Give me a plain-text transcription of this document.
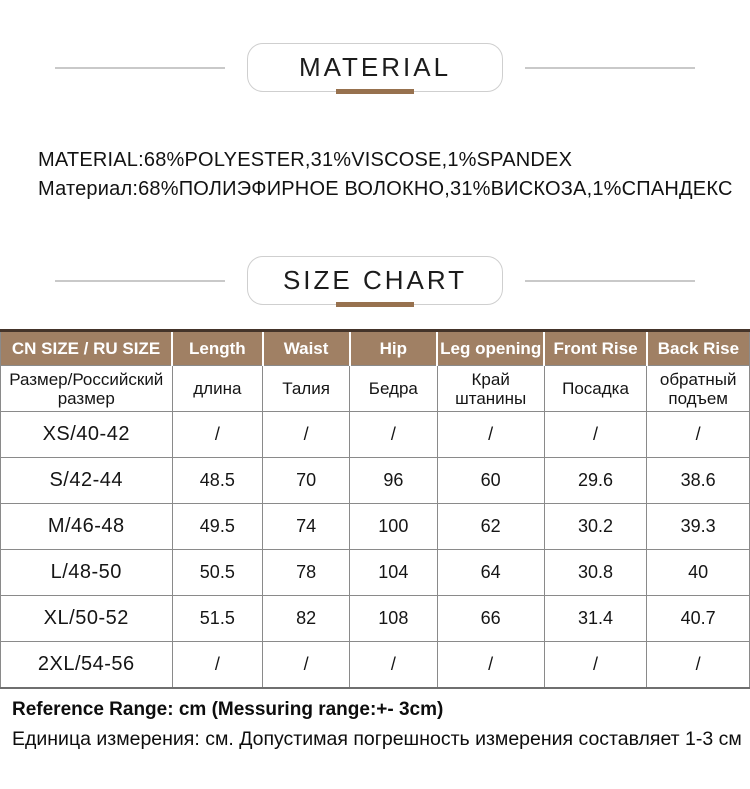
MATERIAL
MATERIAL:68%POLYESTER,31%VISCOSE,1%SPANDEX
Материал:68%ПОЛИЭФИРНОЕ ВОЛОКНО,31%ВИСКОЗА,1%СПАНДЕКС
SIZE CHART
CN SIZE / RU SIZE	Length	Waist	Hip	Leg opening	Front Rise	Back Rise
Размер/Российский размер	длина	Талия	Бедра	Край штанины	Посадка	обратный подъем
XS/40-42	/	/	/	/	/	/
S/42-44	48.5	70	96	60	29.6	38.6
M/46-48	49.5	74	100	62	30.2	39.3
L/48-50	50.5	78	104	64	30.8	40
XL/50-52	51.5	82	108	66	31.4	40.7
2XL/54-56	/	/	/	/	/	/
Reference Range: cm (Messuring range:+- 3cm)
Единица измерения: см. Допустимая погрешность измерения составляет 1-3 см
